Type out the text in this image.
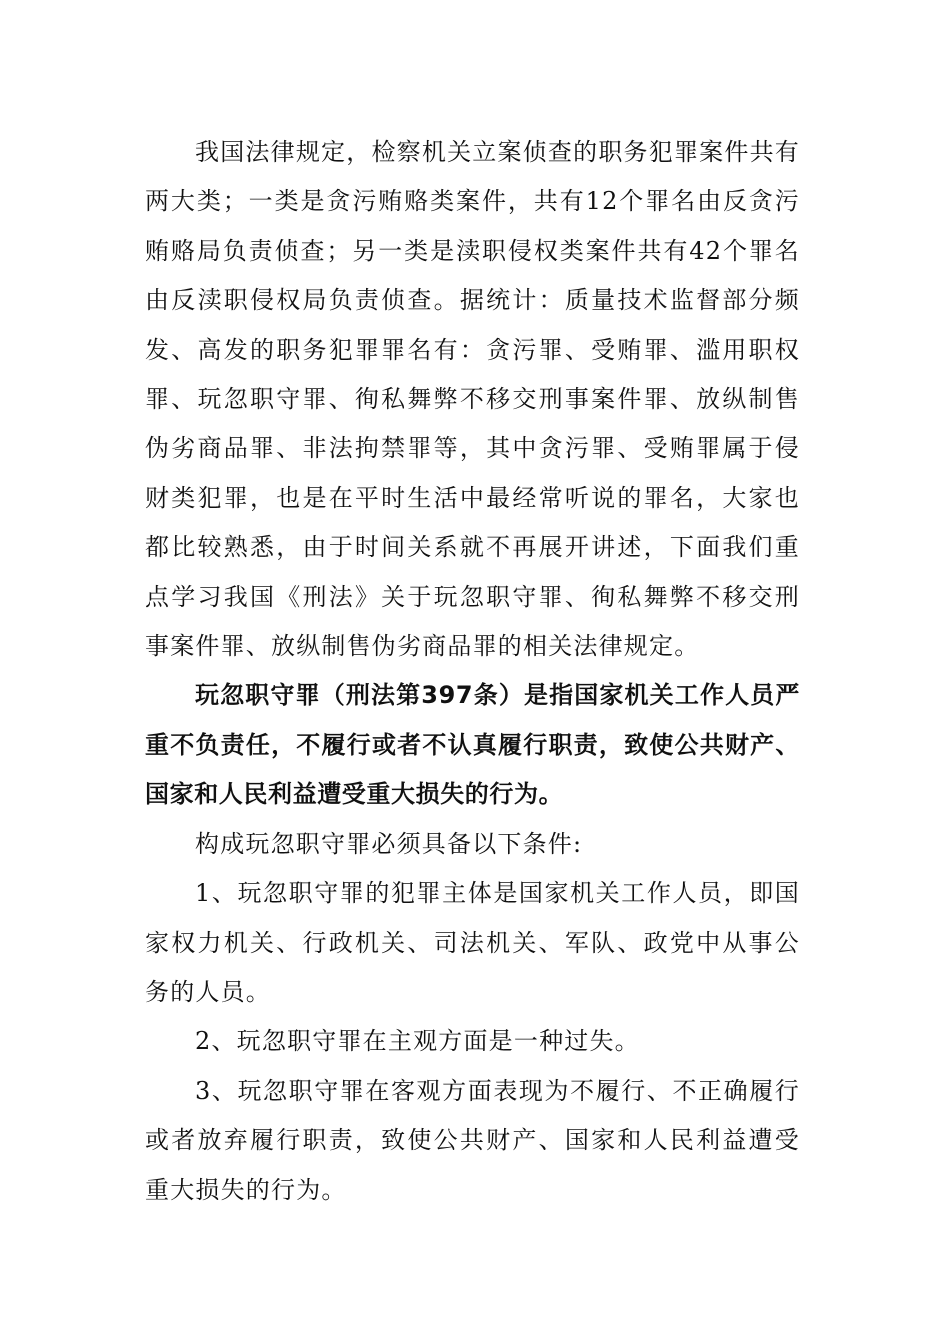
我国法律规定，检察机关立案侦查的职务犯罪案件共有两大类；一类是贪污贿赂类案件，共有12个罪名由反贪污贿赂局负责侦查；另一类是渎职侵权类案件共有42个罪名由反渎职侵权局负责侦查。据统计：质量技术监督部分频发、高发的职务犯罪罪名有：贪污罪、受贿罪、滥用职权罪、玩忽职守罪、徇私舞弊不移交刑事案件罪、放纵制售伪劣商品罪、非法拘禁罪等，其中贪污罪、受贿罪属于侵财类犯罪，也是在平时生活中最经常听说的罪名，大家也都比较熟悉，由于时间关系就不再展开讲述，下面我们重点学习我国《刑法》关于玩忽职守罪、徇私舞弊不移交刑事案件罪、放纵制售伪劣商品罪的相关法律规定。

玩忽职守罪（刑法第397条）是指国家机关工作人员严重不负责任，不履行或者不认真履行职责，致使公共财产、国家和人民利益遭受重大损失的行为。

构成玩忽职守罪必须具备以下条件:

1、玩忽职守罪的犯罪主体是国家机关工作人员，即国家权力机关、行政机关、司法机关、军队、政党中从事公务的人员。

2、玩忽职守罪在主观方面是一种过失。

3、玩忽职守罪在客观方面表现为不履行、不正确履行或者放弃履行职责，致使公共财产、国家和人民利益遭受重大损失的行为。
